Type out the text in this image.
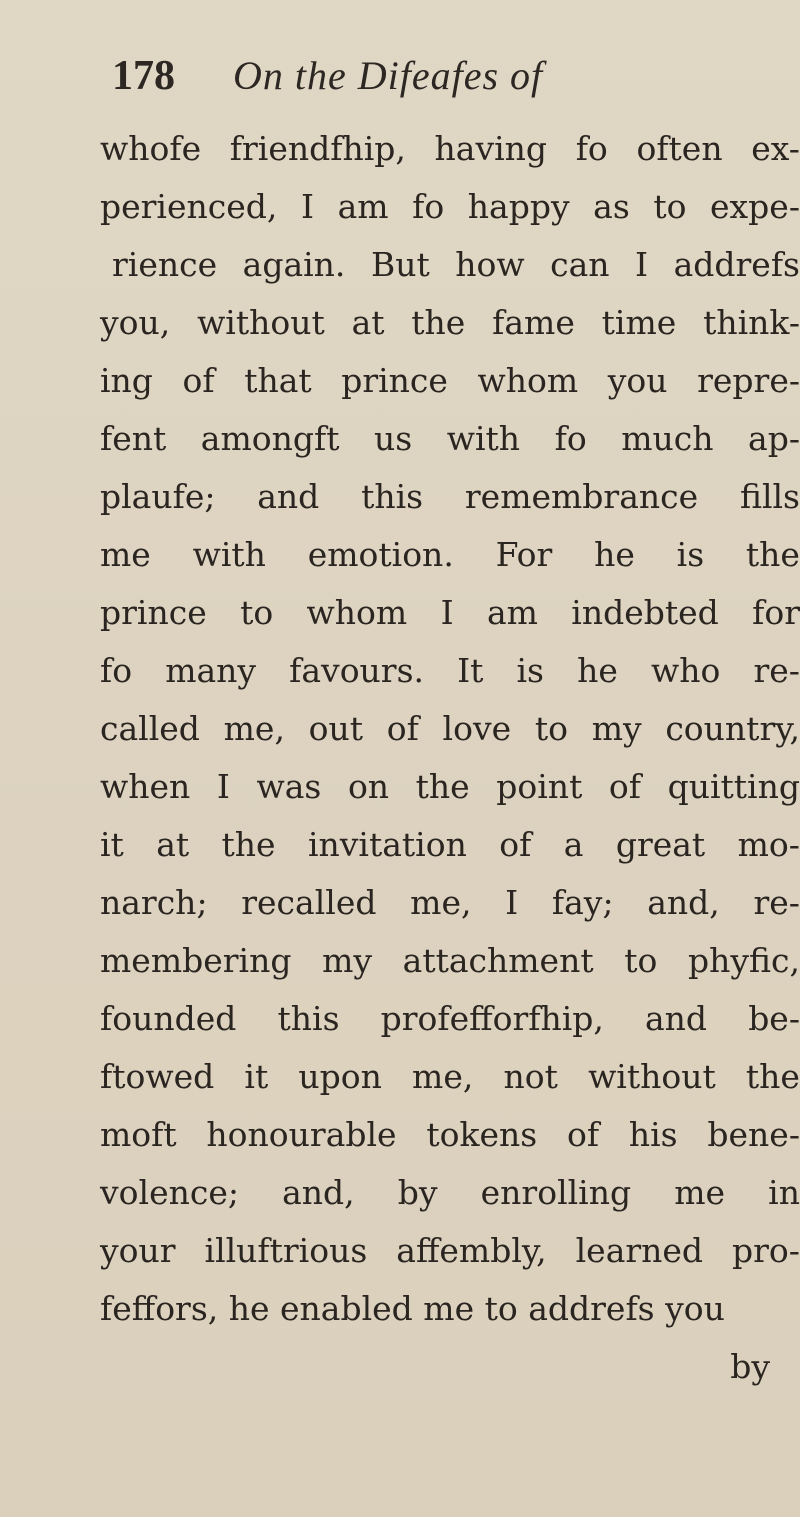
178 On the Difeafes of
whofe friendfhip, having fo often ex-
perienced, I am fo happy as to expe-
rience again. But how can I addrefs
you, without at the fame time think-
ing of that prince whom you repre-
fent amongft us with fo much ap-
plaufe; and this remembrance fills
me with emotion. For he is the
prince to whom I am indebted for
fo many favours. It is he who re-
called me, out of love to my country,
when I was on the point of quitting
it at the invitation of a great mo-
narch; recalled me, I fay; and, re-
membering my attachment to phyfic,
founded this profefforfhip, and be-
ftowed it upon me, not without the
moft honourable tokens of his bene-
volence; and, by enrolling me in
your illuftrious affembly, learned pro-
feffors, he enabled me to addrefs you
by
